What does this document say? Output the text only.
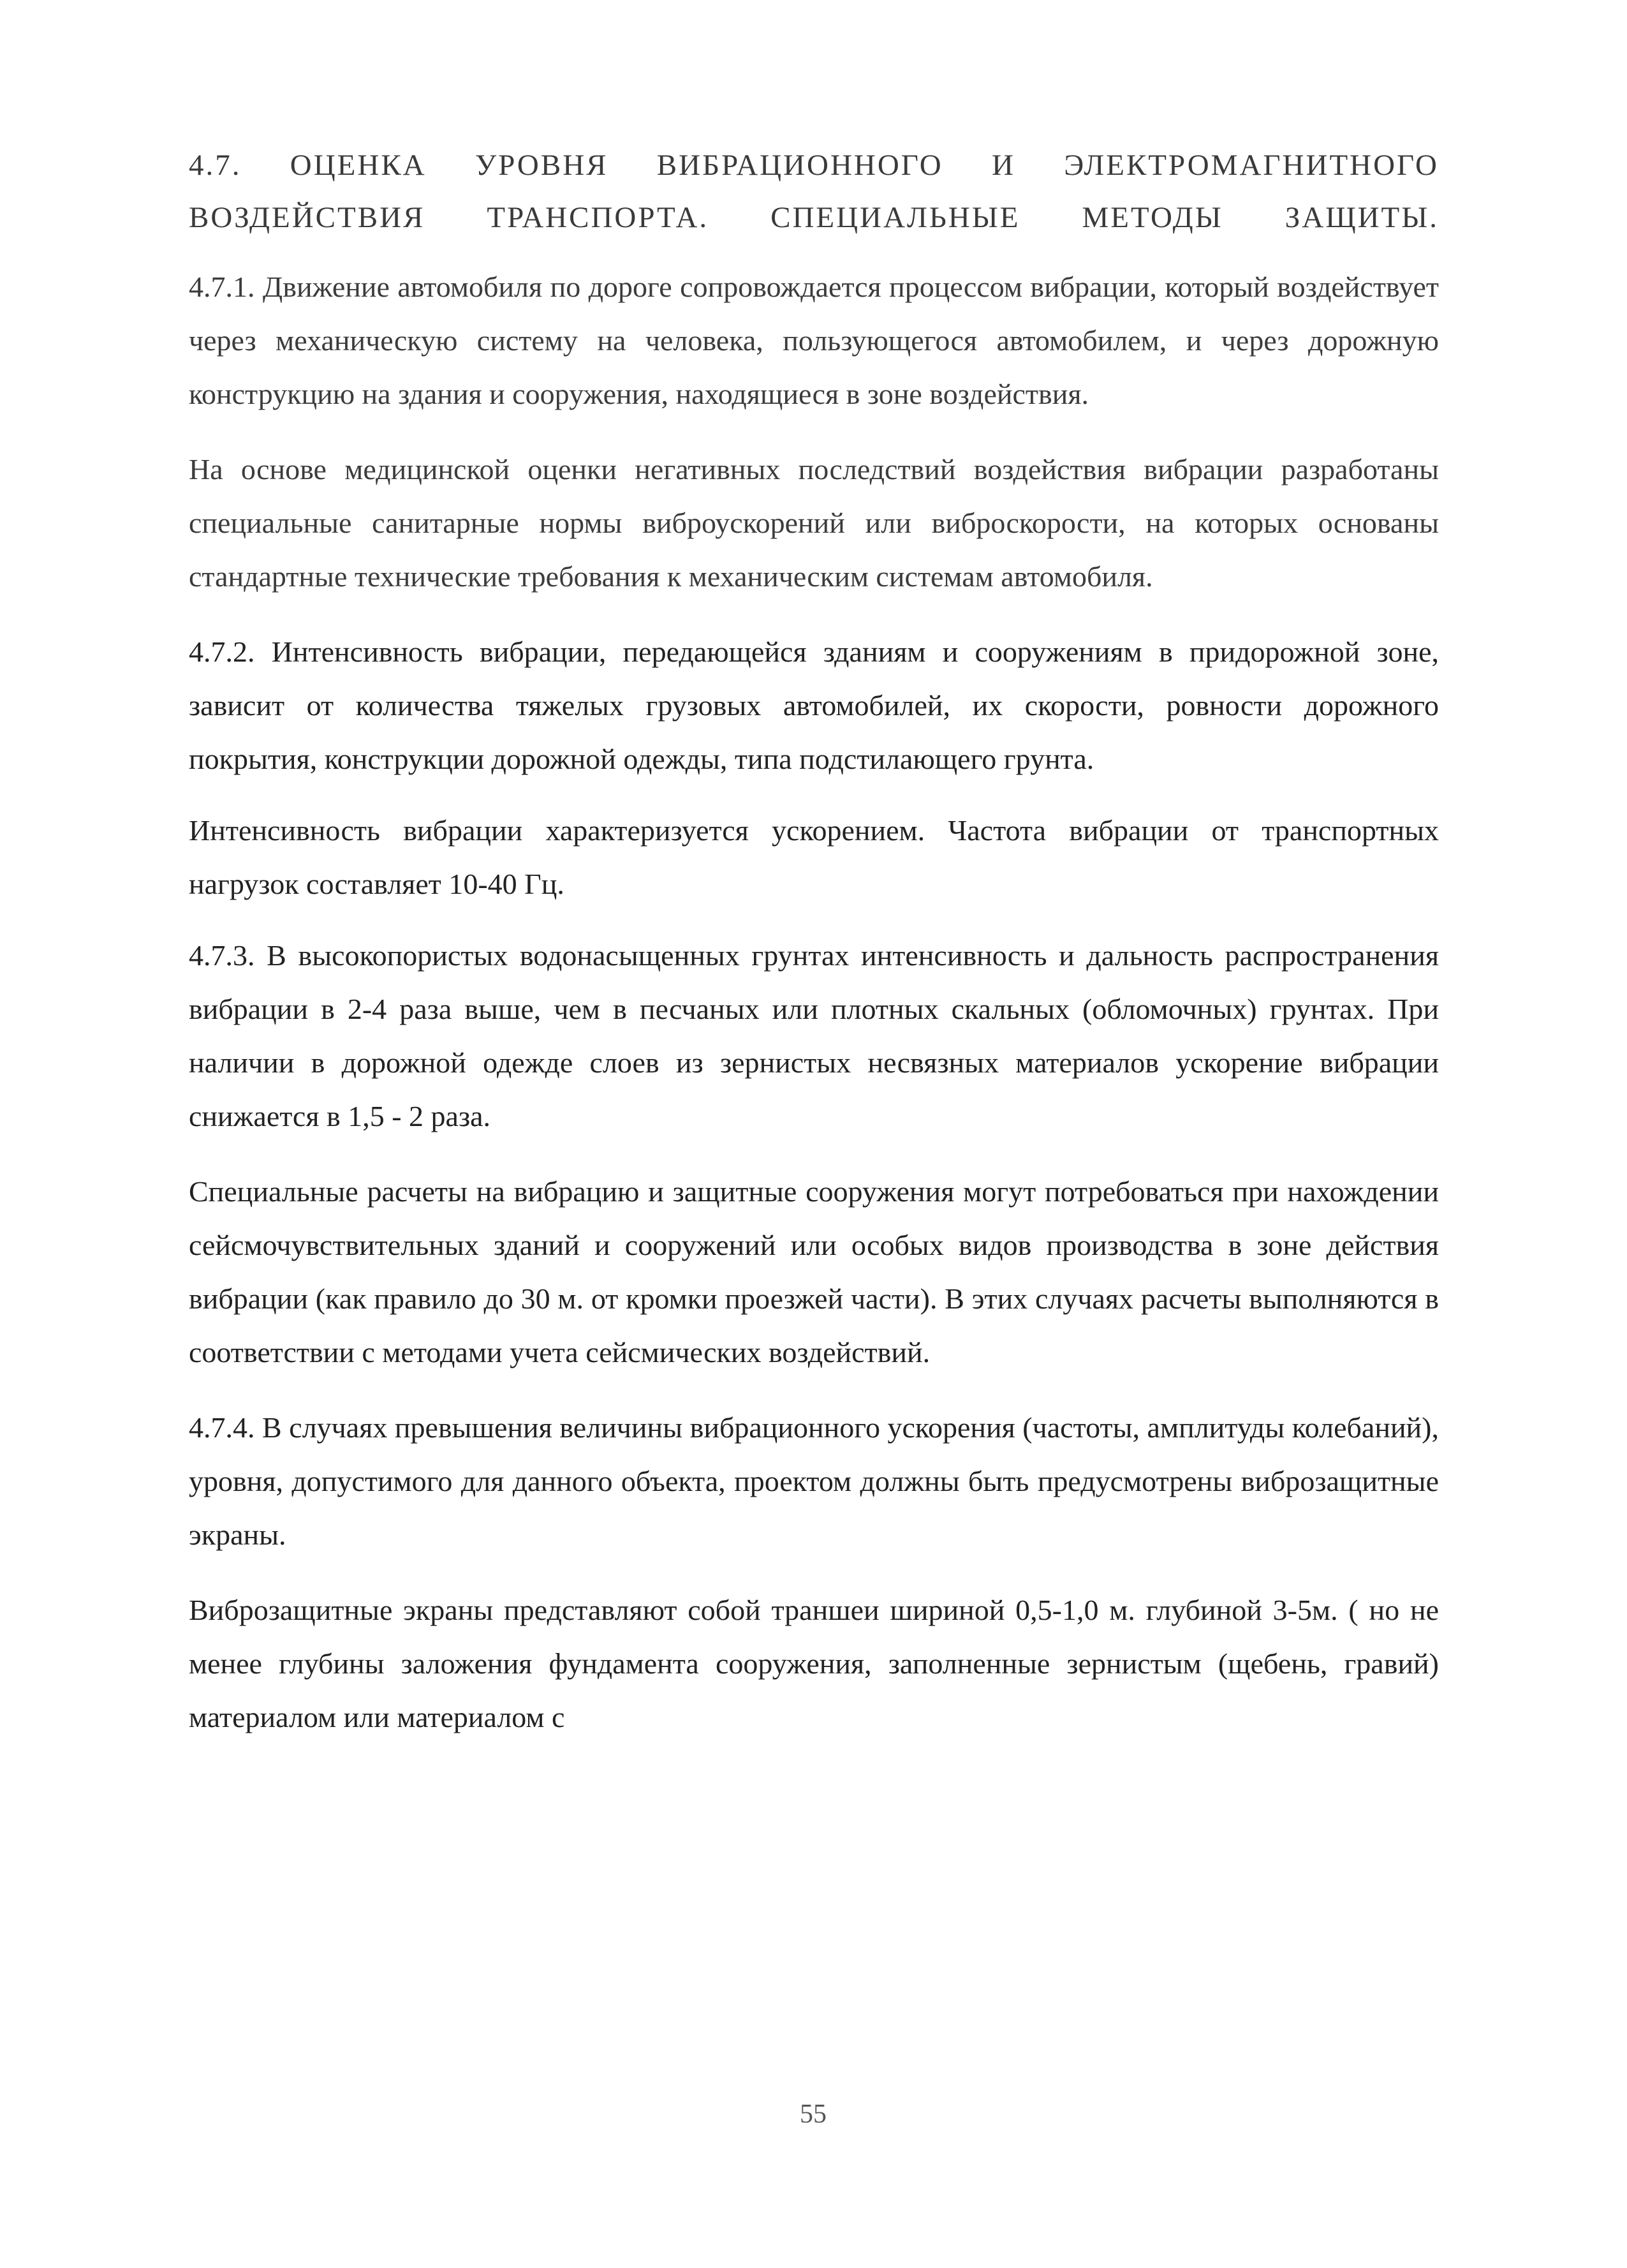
4.7. ОЦЕНКА УРОВНЯ ВИБРАЦИОННОГО И ЭЛЕКТРОМАГНИТНОГО ВОЗДЕЙСТВИЯ ТРАНСПОРТА. СПЕЦИАЛЬНЫЕ МЕТОДЫ ЗАЩИТЫ.

4.7.1. Движение автомобиля по дороге сопровождается процессом вибрации, который воздействует через механическую систему на человека, пользующегося автомобилем, и через дорожную конструкцию на здания и сооружения, находящиеся в зоне воздействия.

На основе медицинской оценки негативных последствий воздействия вибрации разработаны специальные санитарные нормы виброускорений или виброскорости, на которых основаны стандартные технические требования к механическим системам автомобиля.

4.7.2. Интенсивность вибрации, передающейся зданиям и сооружениям в придорожной зоне, зависит от количества тяжелых грузовых автомобилей, их скорости, ровности дорожного покрытия, конструкции дорожной одежды, типа подстилающего грунта.

Интенсивность вибрации характеризуется ускорением. Частота вибрации от транспортных нагрузок составляет 10-40 Гц.

4.7.3. В высокопористых водонасыщенных грунтах интенсивность и дальность распространения вибрации в 2-4 раза выше, чем в песчаных или плотных скальных (обломочных) грунтах. При наличии в дорожной одежде слоев из зернистых несвязных материалов ускорение вибрации снижается в 1,5 - 2 раза.

Специальные расчеты на вибрацию и защитные сооружения могут потребоваться при нахождении сейсмочувствительных зданий и сооружений или особых видов производства в зоне действия вибрации (как правило до 30 м. от кромки проезжей части). В этих случаях расчеты выполняются в соответствии с методами учета сейсмических воздействий.

4.7.4. В случаях превышения величины вибрационного ускорения (частоты, амплитуды колебаний), уровня, допустимого для данного объекта, проектом должны быть предусмотрены виброзащитные экраны.

Виброзащитные экраны представляют собой траншеи шириной 0,5-1,0 м. глубиной 3-5м. ( но не менее глубины заложения фундамента сооружения, заполненные зернистым (щебень, гравий) материалом или материалом с

55
